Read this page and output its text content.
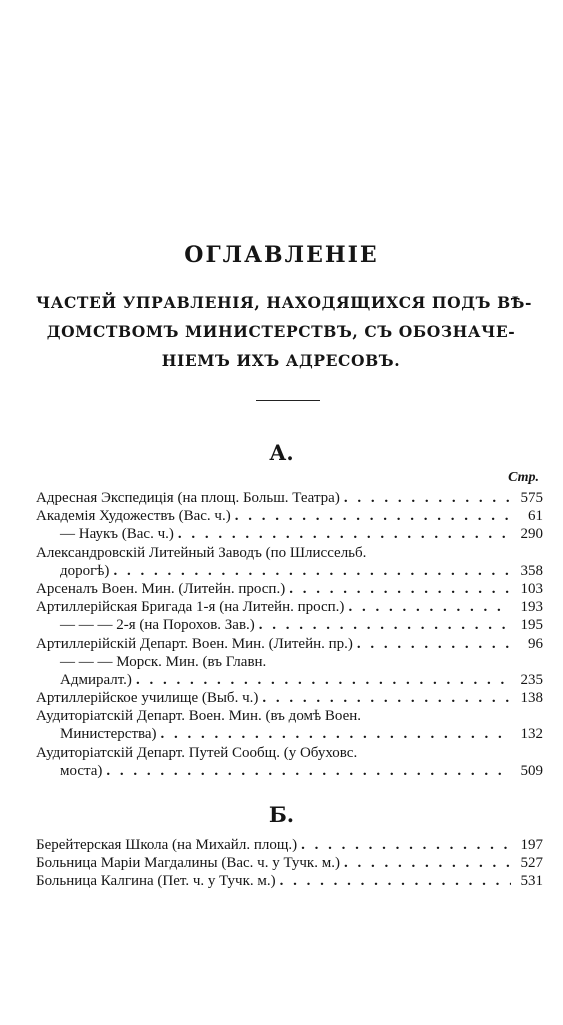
ОГЛАВЛЕНІЕ
ЧАСТЕЙ УПРАВЛЕНІЯ, НАХОДЯЩИХСЯ ПОДЪ ВѢ-
ДОМСТВОМЪ МИНИСТЕРСТВЪ, СЪ ОБОЗНАЧЕ-
НІЕМЪ ИХЪ АДРЕСОВЪ.
А.
Стр.
Адресная Экспедиція (на площ. Больш. Театра) . . .	575
Академія Художествъ (Вас. ч.) . . .	61
— Наукъ (Вас. ч.) . . .	290
Александровскій Литейный Заводъ (по Шлиссельб.
дорогѣ) . . .	358
Арсеналъ Воен. Мин. (Литейн. просп.) . . .	103
Артиллерійская Бригада 1-я (на Литейн. просп.) . . .	193
— — — 2-я (на Порохов. Зав.) . . .	195
Артиллерійскій Департ. Воен. Мин. (Литейн. пр.) . . .	96
— — — Морск. Мин. (въ Главн.
Адмиралт.) . . .	235
Артиллерійское училище (Выб. ч.) . . .	138
Аудиторіатскій Департ. Воен. Мин. (въ домѣ Воен.
Министерства) . . .	132
Аудиторіатскій Департ. Путей Сообщ. (у Обуховс.
моста) . . .	509
Б.
Берейтерская Школа (на Михайл. площ.) . . .	197
Больница Маріи Магдалины (Вас. ч. у Тучк. м.) . . .	527
Больница Калгина (Пет. ч. у Тучк. м.) . . .	531
